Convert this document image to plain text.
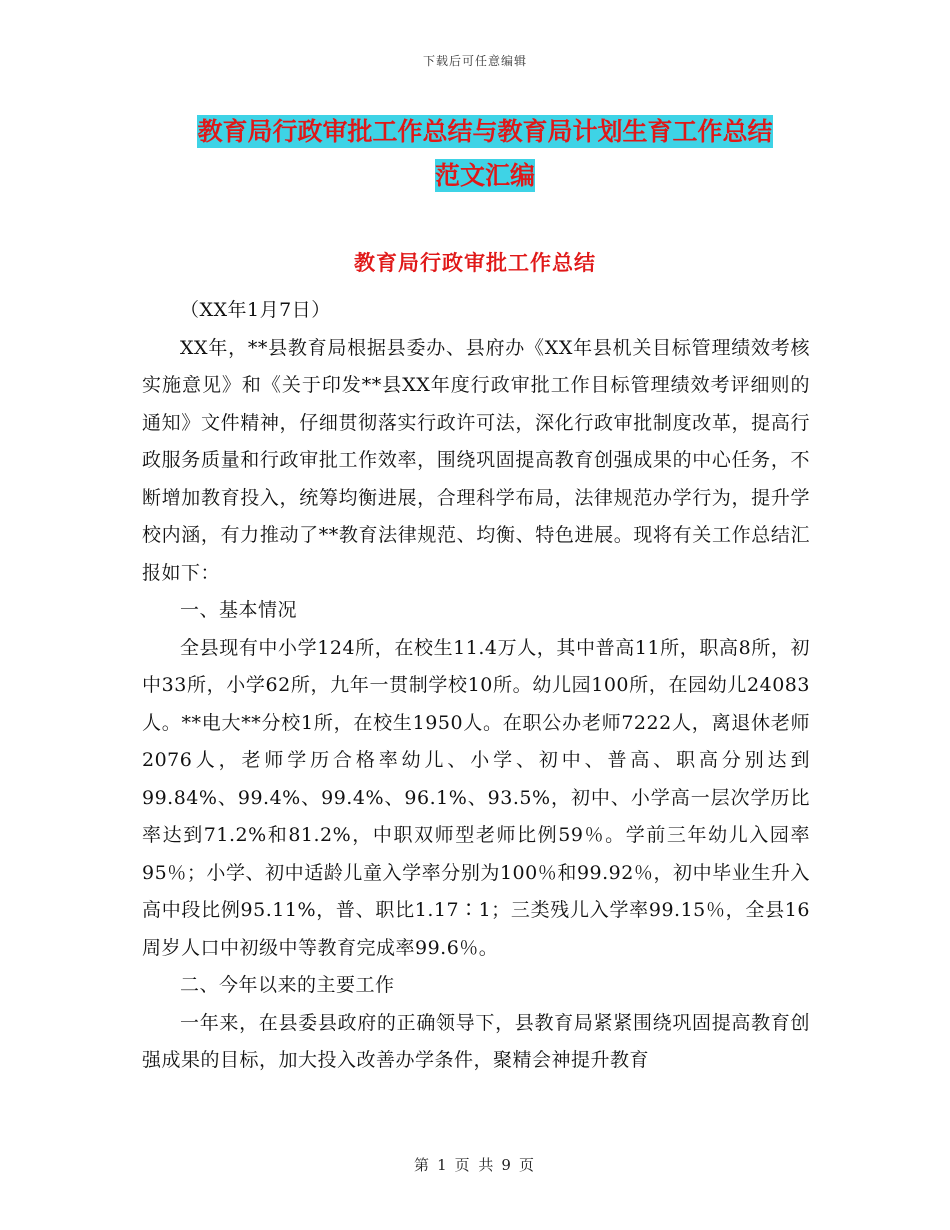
下载后可任意编辑
教育局行政审批工作总结与教育局计划生育工作总结
范文汇编
教育局行政审批工作总结

（XX年1月7日）

XX年，**县教育局根据县委办、县府办《XX年县机关目标管理绩效考核实施意见》和《关于印发**县XX年度行政审批工作目标管理绩效考评细则的通知》文件精神，仔细贯彻落实行政许可法，深化行政审批制度改革，提高行政服务质量和行政审批工作效率，围绕巩固提高教育创强成果的中心任务，不断增加教育投入，统筹均衡进展，合理科学布局，法律规范办学行为，提升学校内涵，有力推动了**教育法律规范、均衡、特色进展。现将有关工作总结汇报如下：

一、基本情况

全县现有中小学124所，在校生11.4万人，其中普高11所，职高8所，初中33所，小学62所，九年一贯制学校10所。幼儿园100所，在园幼儿24083人。**电大**分校1所，在校生1950人。在职公办老师7222人，离退休老师2076人，老师学历合格率幼儿、小学、初中、普高、职高分别达到99.84%、99.4%、99.4%、96.1%、93.5%，初中、小学高一层次学历比率达到71.2%和81.2%，中职双师型老师比例59％。学前三年幼儿入园率95％；小学、初中适龄儿童入学率分别为100％和99.92％，初中毕业生升入高中段比例95.11%，普、职比1.17∶1；三类残儿入学率99.15％，全县16周岁人口中初级中等教育完成率99.6％。

二、今年以来的主要工作

一年来，在县委县政府的正确领导下，县教育局紧紧围绕巩固提高教育创强成果的目标，加大投入改善办学条件，聚精会神提升教育

第 1 页 共 9 页
